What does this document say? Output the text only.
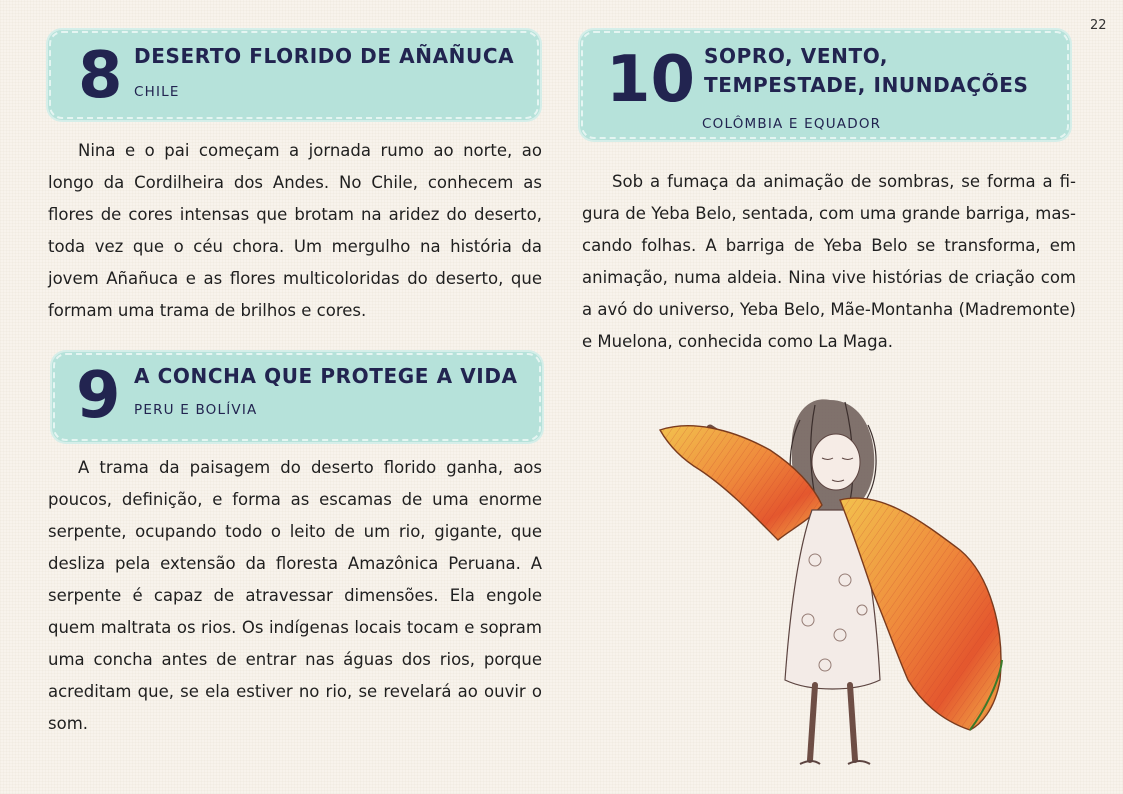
22
8 DESERTO FLORIDO DE AÑAÑUCA
CHILE

Nina e o pai começam a jornada rumo ao norte, ao longo da Cordilheira dos Andes. No Chile, conhecem as flores de cores intensas que brotam na aridez do deserto, toda vez que o céu chora. Um mergulho na história da jovem Añañuca e as flores multicoloridas do deserto, que formam uma trama de brilhos e cores.

9 A CONCHA QUE PROTEGE A VIDA
PERU E BOLÍVIA

A trama da paisagem do deserto florido ganha, aos poucos, definição, e forma as escamas de uma enorme serpente, ocupando todo o leito de um rio, gigante, que desliza pela extensão da floresta Amazônica Peruana. A serpente é capaz de atravessar dimensões. Ela engole quem maltrata os rios. Os indígenas locais tocam e sopram uma concha antes de entrar nas águas dos rios, porque acreditam que, se ela estiver no rio, se revelará ao ouvir o som.

10 SOPRO, VENTO, TEMPESTADE, INUNDAÇÕES
COLÔMBIA E EQUADOR

Sob a fumaça da animação de sombras, se forma a figura de Yeba Belo, sentada, com uma grande barriga, mascando folhas. A barriga de Yeba Belo se transforma, em animação, numa aldeia. Nina vive histórias de criação com a avó do universo, Yeba Belo, Mãe-Montanha (Madremonte) e Muelona, conhecida como La Maga.
